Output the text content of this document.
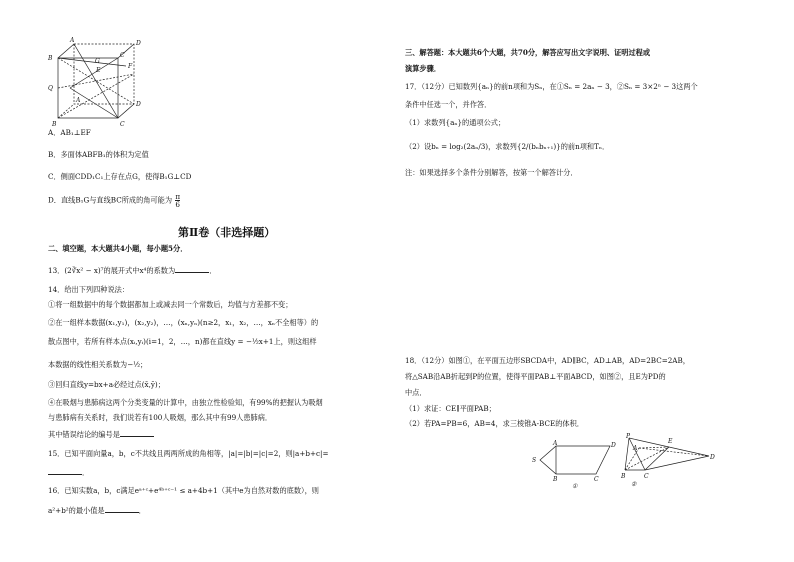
A	D
B	C
E
F
G
Q
D
A
B	C
A．AB₁⊥EF
B．多面体ABFB₁的体积为定值
C．侧面CDD₁C₁上存在点G，使得B₁G⊥CD
D．直线B₁G与直线BC所成的角可能为 $\frac{\pi}{6}$
第Ⅱ卷（非选择题）
二、填空题，本大题共4小题，每小题5分．
13．(2∛x² − x)⁷的展开式中x⁴的系数为	．
14．给出下列四种说法：
①将一组数据中的每个数据都加上或减去同一个常数后，均值与方差都不变；
②在一组样本数据(x₁,y₁)，(x₂,y₂)，…，(xₙ,yₙ)(n≥2，x₁，x₂，…，xₙ不全相等）的
散点图中，若所有样本点(xᵢ,yᵢ)(i=1，2，…，n)都在直线y = −½x+1上，则这组样
本数据的线性相关系数为−½；
③回归直线y=bx+a必经过点(x̄,ȳ)；
④在吸烟与患肺病这两个分类变量的计算中，由独立性检验知，有99%的把握认为吸烟
与患肺病有关系时，我们说若有100人吸烟，那么其中有99人患肺病．
其中错误结论的编号是
15．已知平面向量a，b，c不共线且两两所成的角相等，|a|=|b|=|c|=2，则|a+b+c|=
．
16．已知实数a，b，c满足eᵃ⁺ᶜ+e⁴ᵇ⁺ᶜ⁻¹ ≤ a+4b+1（其中e为自然对数的底数），则
a²+b²的最小值是	．
三、解答题：本大题共6个大题，共70分，解答应写出文字说明、证明过程或
演算步骤．
17．（12分）已知数列{aₙ}的前n项和为Sₙ，在①Sₙ = 2aₙ − 3，②Sₙ = 3×2ⁿ − 3这两个
条件中任选一个，并作答．
（1）求数列{aₙ}的通项公式；
（2）设bₙ = log₂(2aₙ/3)，求数列{2/(bₙbₙ₊₁)}的前n项和Tₙ．
注：如果选择多个条件分别解答，按第一个解答计分．
18．（12分）如图①，在平面五边形SBCDA中，AD∥BC，AD⊥AB，AD=2BC=2AB，
将△SAB沿AB折起到P的位置，使得平面PAB⊥平面ABCD，如图②，且E为PD的
中点．
（1）求证：CE∥平面PAB；
（2）若PA=PB=6，AB=4，求三棱锥A-BCE的体积．
A	D
S
B	C
①
P
E
A
D
B	C
②
